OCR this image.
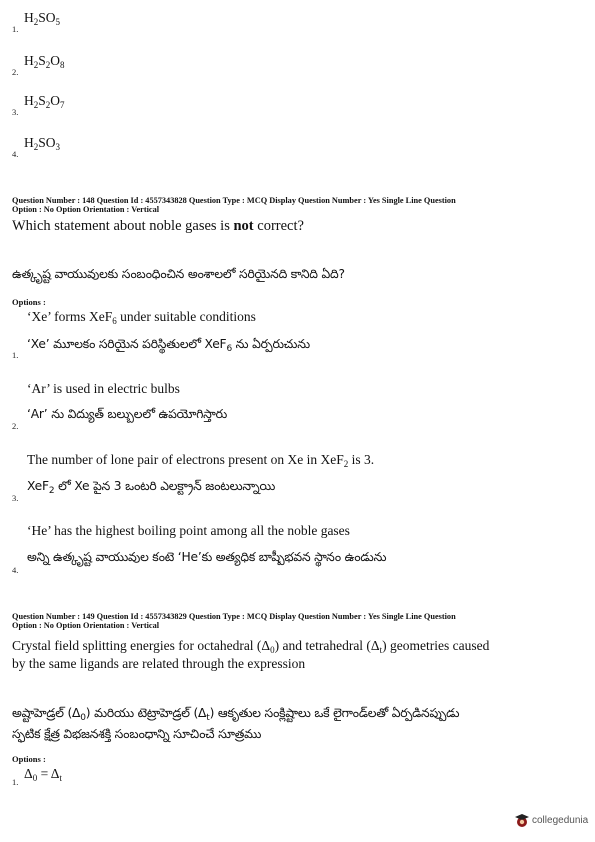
1.
$H_2SO_5$
2.
$H_2S_2O_8$
3.
$H_2S_2O_7$
4.
$H_2SO_3$
Question Number : 148 Question Id : 4557343828 Question Type : MCQ Display Question Number : Yes Single Line Question
Option : No Option Orientation : Vertical
Which statement about noble gases is not correct?
ఉత్కృష్ట వాయువులకు సంబంధించిన అంశాలలో సరియైనది కానిది ఏది?
Options :
‘Xe’ forms XeF$_6$ under suitable conditions
‘Xe’ మూలకం సరియైన పరిస్థితులలో XeF$_6$ ను ఏర్పరుచును
1.
‘Ar’ is used in electric bulbs
‘Ar’ ను విద్యుత్ బల్బులలో ఉపయోగిస్తారు
2.
The number of lone pair of electrons present on Xe in XeF$_2$ is 3.
XeF$_2$ లో Xe పైన 3 ఒంటరి ఎలక్ట్రాన్ జంటలున్నాయి
3.
‘He’ has the highest boiling point among all the noble gases
అన్ని ఉత్కృష్ట వాయువుల కంటె ‘He’కు అత్యధిక బాష్పీభవన స్థానం ఉండును
4.
Question Number : 149 Question Id : 4557343829 Question Type : MCQ Display Question Number : Yes Single Line Question
Option : No Option Orientation : Vertical
Crystal field splitting energies for octahedral $(\Delta_0)$ and tetrahedral $(\Delta_t)$ geometries caused
by the same ligands are related through the expression
అష్టాహెడ్రల్ $(\Delta_0)$ మరియు టెట్రాహెడ్రల్ $(\Delta_t)$ ఆకృతుల సంక్లిష్టాలు ఒకే లైగాండ్‌లతో ఏర్పడినప్పుడు
స్ఫటిక క్షేత్ర విభజనశక్తి సంబంధాన్ని సూచించే సూత్రము
Options :
1.
$\Delta_0 = \Delta_t$
collegedunia
